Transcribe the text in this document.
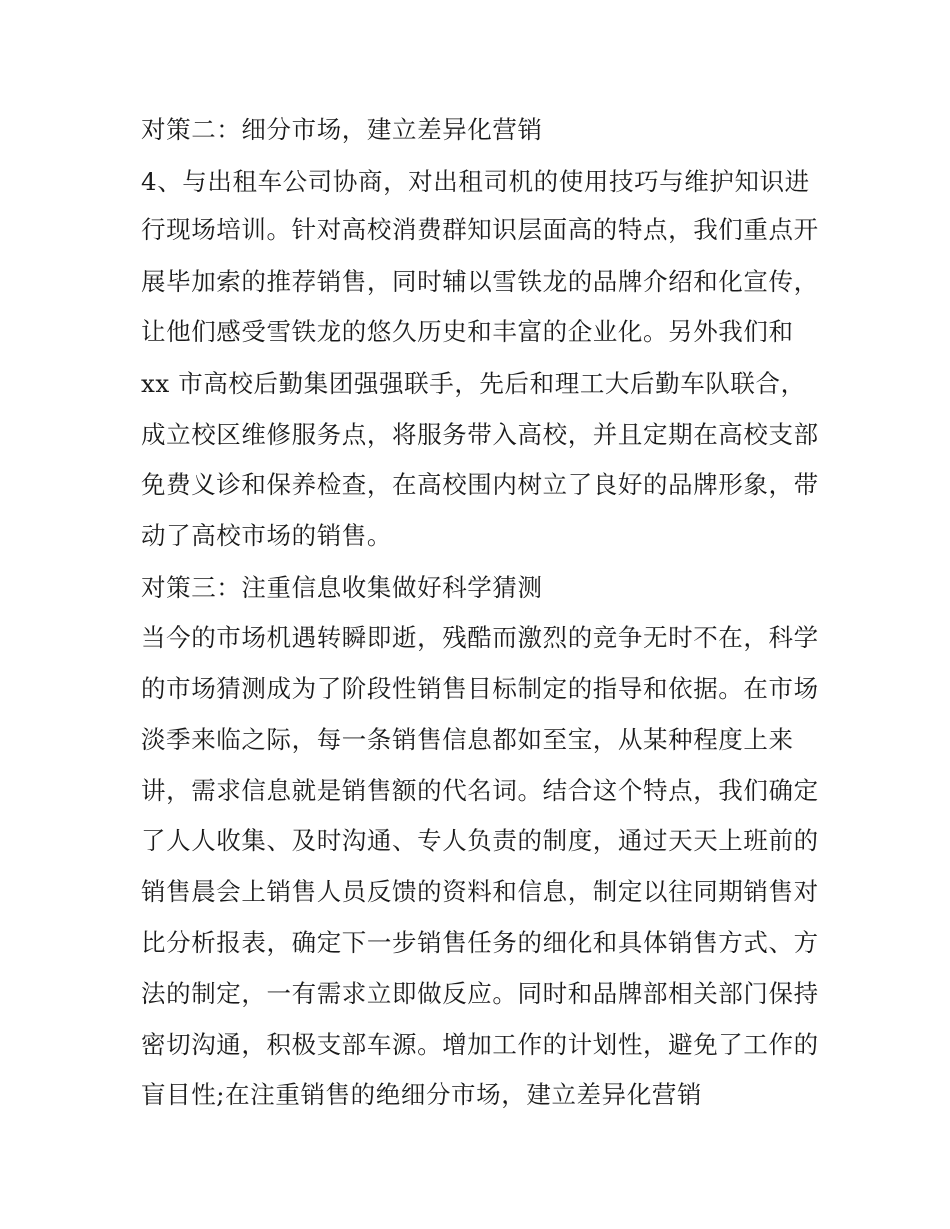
对策二：细分市场，建立差异化营销

4、与出租车公司协商，对出租司机的使用技巧与维护知识进

行现场培训。针对高校消费群知识层面高的特点，我们重点开

展毕加索的推荐销售，同时辅以雪铁龙的品牌介绍和化宣传，

让他们感受雪铁龙的悠久历史和丰富的企业化。另外我们和

xx 市高校后勤集团强强联手，先后和理工大后勤车队联合，

成立校区维修服务点，将服务带入高校，并且定期在高校支部

免费义诊和保养检查，在高校围内树立了良好的品牌形象，带

动了高校市场的销售。

对策三：注重信息收集做好科学猜测

当今的市场机遇转瞬即逝，残酷而激烈的竞争无时不在，科学

的市场猜测成为了阶段性销售目标制定的指导和依据。在市场

淡季来临之际，每一条销售信息都如至宝，从某种程度上来

讲，需求信息就是销售额的代名词。结合这个特点，我们确定

了人人收集、及时沟通、专人负责的制度，通过天天上班前的

销售晨会上销售人员反馈的资料和信息，制定以往同期销售对

比分析报表，确定下一步销售任务的细化和具体销售方式、方

法的制定，一有需求立即做反应。同时和品牌部相关部门保持

密切沟通，积极支部车源。增加工作的计划性，避免了工作的

盲目性;在注重销售的绝细分市场，建立差异化营销
